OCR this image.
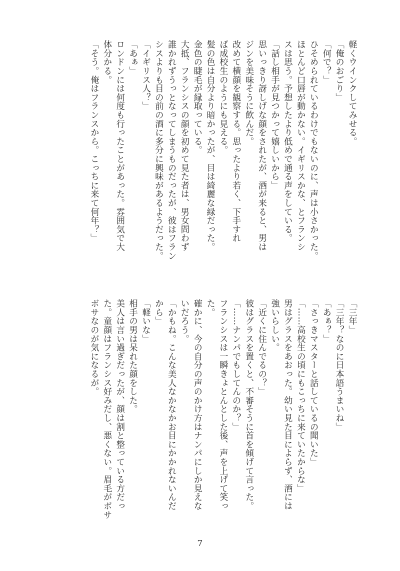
軽くウインクしてみせる。
「俺のおごり」
「何で？」
ひそめられているわけでもないのに、声は小さかった。
ほとんど口唇が動かない。イギリスかな、とフランシ
スは思う。予想したより低めで通る声をしている。
「話し相手が見つかって嬉しいから」
思いっきり訝しげな顔をされたが、酒が来ると、男は
ジンを美味そうに飲んだ。
改めて横顔を観察する。思ったより若く、下手すれ
ば成校生のようにも見える。
髪の色は自分より暗かったが、目は綺麗な緑だった。
金色の睫毛が縁取っている。
大抵、フランシスの顔を初めて見た者は、男女問わず
誰かれずうっとなってしまうものだったが、彼はフラン
シスよりも目の前の酒に多分に興味があるようだった。
「イギリス人？」
「あぁ」
ロンドンには何度も行ったことがあった。雰囲気で大
体分かる。
「そう。俺はフランスから。こっちに来て何年？」
「三年」
「三年？なのに日本語うまいね」
「あぁ？」
「さっきマスターと話しているの聞いた」
「……高校生の頃にもこっちに来ていたからな」
男はグラスをあおった。幼い見た目によらず、酒には
強いらしい。
「近くに住んでるの？」
彼はグラスを置くと、不審そうに首を傾げて言った。
「……ナンパでもしてんのか？」
フランシスは一瞬きょとんとした後、声を上げて笑っ
た。
確かに、今の自分の声のかけ方はナンパにしか見えな
いだろう。
「かもね。こんな美人なかなかお目にかかれないんだ
から」
「軽いな」
相手の男は呆れた顔をした。
美人は言い過ぎだったが、顔は割と整っている方だっ
た。童顔はフランシス好みだし、悪くない。眉毛がボサ
ボサなのが気になるが。
7
